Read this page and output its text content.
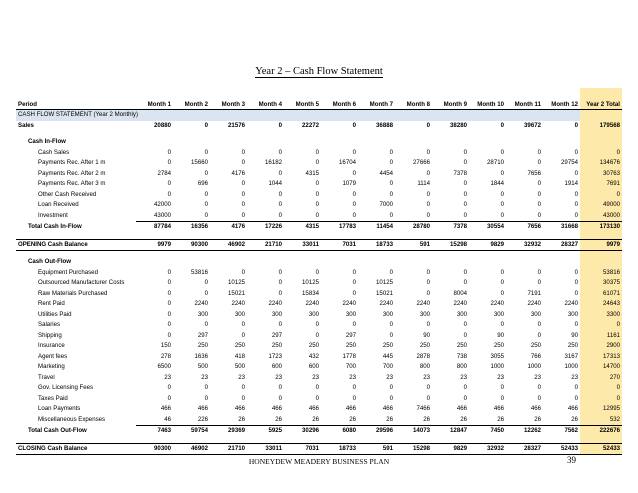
Year 2 – Cash Flow Statement
Period	Month 1	Month 2	Month 3	Month 4	Month 5	Month 6	Month 7	Month 8	Month 9	Month 10	Month 11	Month 12	Year 2 Total
CASH FLOW STATEMENT (Year 2 Monthly)													
Sales	20880	0	21576	0	22272	0	36888	0	38280	0	39672	0	179568

Cash In-Flow													
Cash Sales	0	0	0	0	0	0	0	0	0	0	0	0	0
Payments Rec. After 1 m	0	15660	0	16182	0	16704	0	27666	0	28710	0	29754	134676
Payments Rec. After 2 m	2784	0	4176	0	4315	0	4454	0	7378	0	7656	0	30763
Payments Rec. After 3 m	0	696	0	1044	0	1079	0	1114	0	1844	0	1914	7691
Other Cash Received	0	0	0	0	0	0	0	0	0	0	0	0	0
Loan Received	42000	0	0	0	0	0	7000	0	0	0	0	0	49000
Investment	43000	0	0	0	0	0	0	0	0	0	0	0	43000
Total Cash In-Flow	87784	16356	4176	17226	4315	17783	11454	28780	7378	30554	7656	31668	173130

OPENING Cash Balance	9979	90300	46902	21710	33011	7031	18733	591	15298	9829	32932	28327	9979

Cash Out-Flow													
Equipment Purchased	0	53816	0	0	0	0	0	0	0	0	0	0	53816
Outsourced Manufacturer Costs	0	0	10125	0	10125	0	10125	0	0	0	0	0	30375
Raw Materials Purchased	0	0	15021	0	15834	0	15021	0	8004	0	7191	0	61071
Rent Paid	0	2240	2240	2240	2240	2240	2240	2240	2240	2240	2240	2240	24643
Utilities Paid	0	300	300	300	300	300	300	300	300	300	300	300	3300
Salaries	0	0	0	0	0	0	0	0	0	0	0	0	0
Shipping	0	297	0	297	0	297	0	90	0	90	0	90	1161
Insurance	150	250	250	250	250	250	250	250	250	250	250	250	2900
Agent fees	278	1636	418	1723	432	1778	445	2878	738	3055	766	3167	17313
Marketing	6500	500	500	600	600	700	700	800	800	1000	1000	1000	14700
Travel	23	23	23	23	23	23	23	23	23	23	23	23	270
Gov. Licensing Fees	0	0	0	0	0	0	0	0	0	0	0	0	0
Taxes Paid	0	0	0	0	0	0	0	0	0	0	0	0	0
Loan Payments	466	466	466	466	466	466	466	7466	466	466	466	466	12995
Miscellaneous Expenses	46	226	26	26	26	26	26	26	26	26	26	26	532
Total Cash Out-Flow	7463	59754	29369	5925	30296	6080	29596	14073	12847	7450	12262	7562	222676

CLOSING Cash Balance	90300	46902	21710	33011	7031	18733	591	15298	9829	32932	28327	52433	52433
HONEYDEW MEADERY BUSINESS PLAN	39
